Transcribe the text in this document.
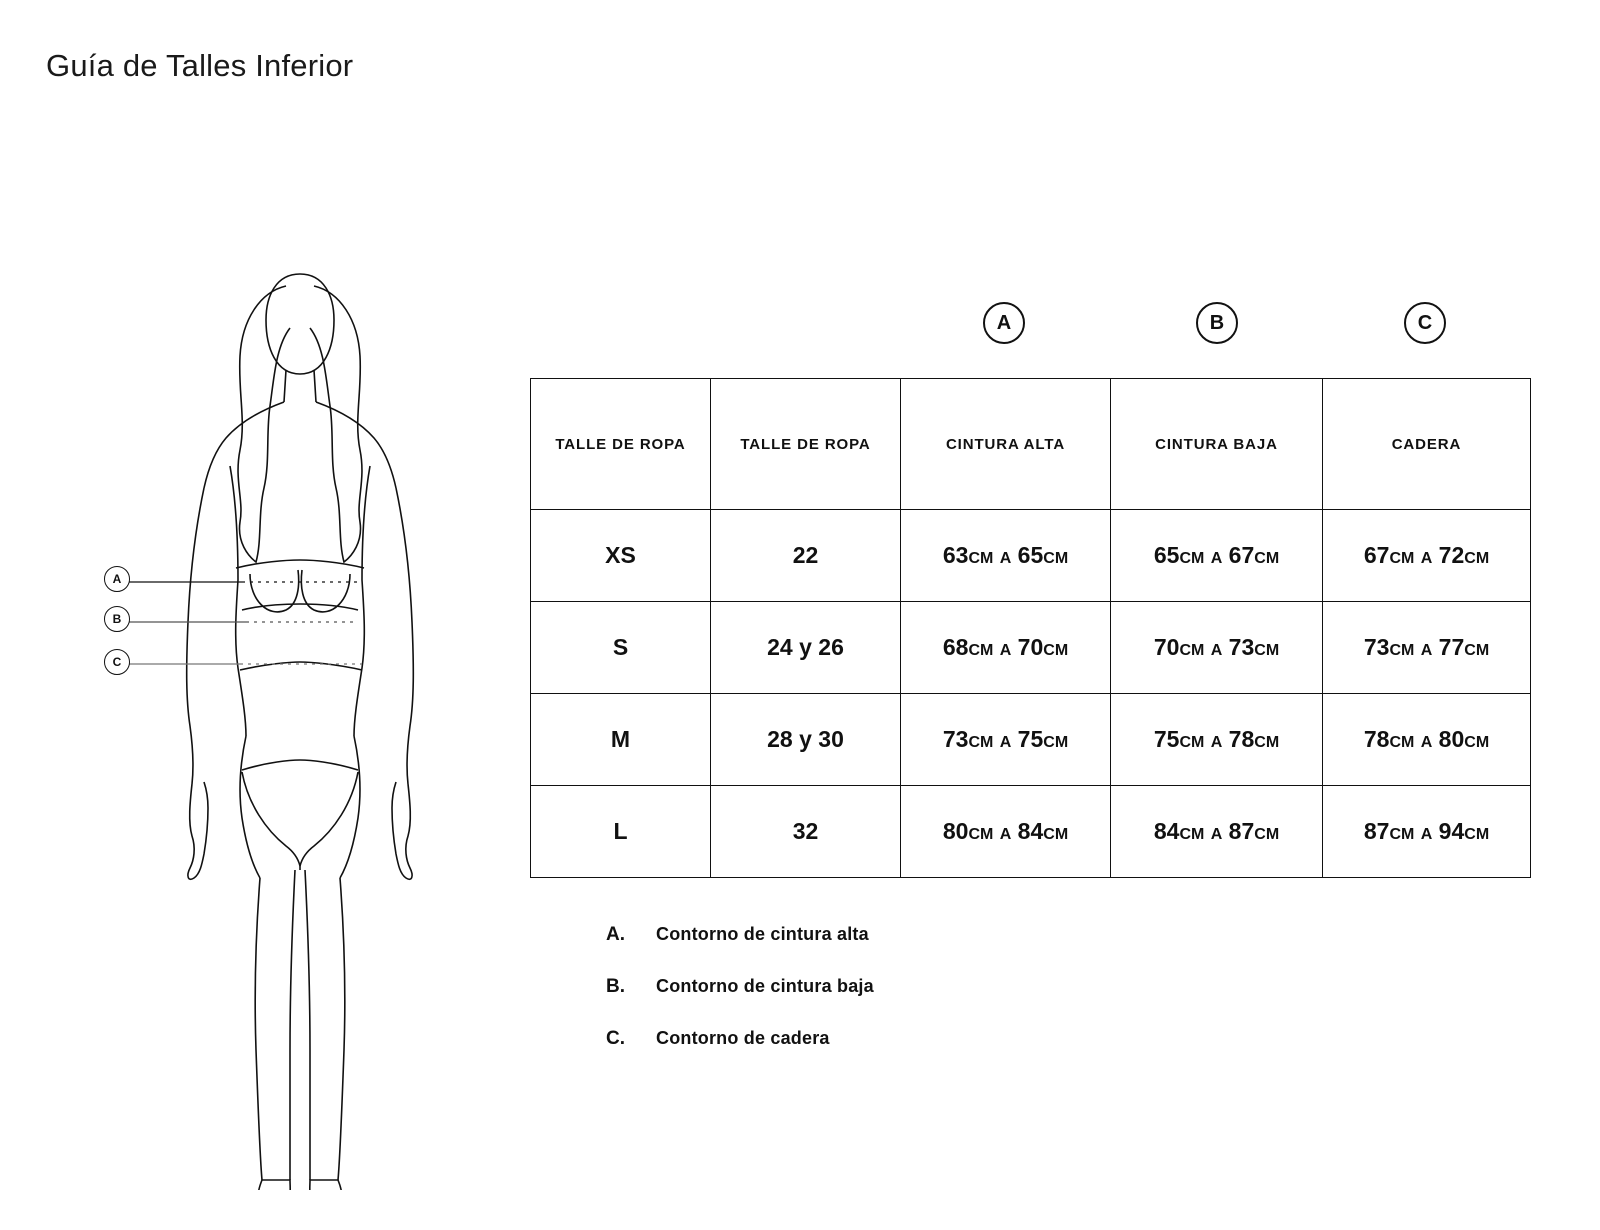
Guía de Talles Inferior
A
B
C
A	B	C
TALLE DE ROPA	TALLE DE ROPA	CINTURA ALTA	CINTURA BAJA	CADERA
XS	22	63CM A 65CM	65CM A 67CM	67CM A 72CM
S	24 y 26	68CM A 70CM	70CM A 73CM	73CM A 77CM
M	28 y 30	73CM A 75CM	75CM A 78CM	78CM A 80CM
L	32	80CM A 84CM	84CM A 87CM	87CM A 94CM
A.	Contorno de cintura alta
B.	Contorno de cintura baja
C.	Contorno de cadera
